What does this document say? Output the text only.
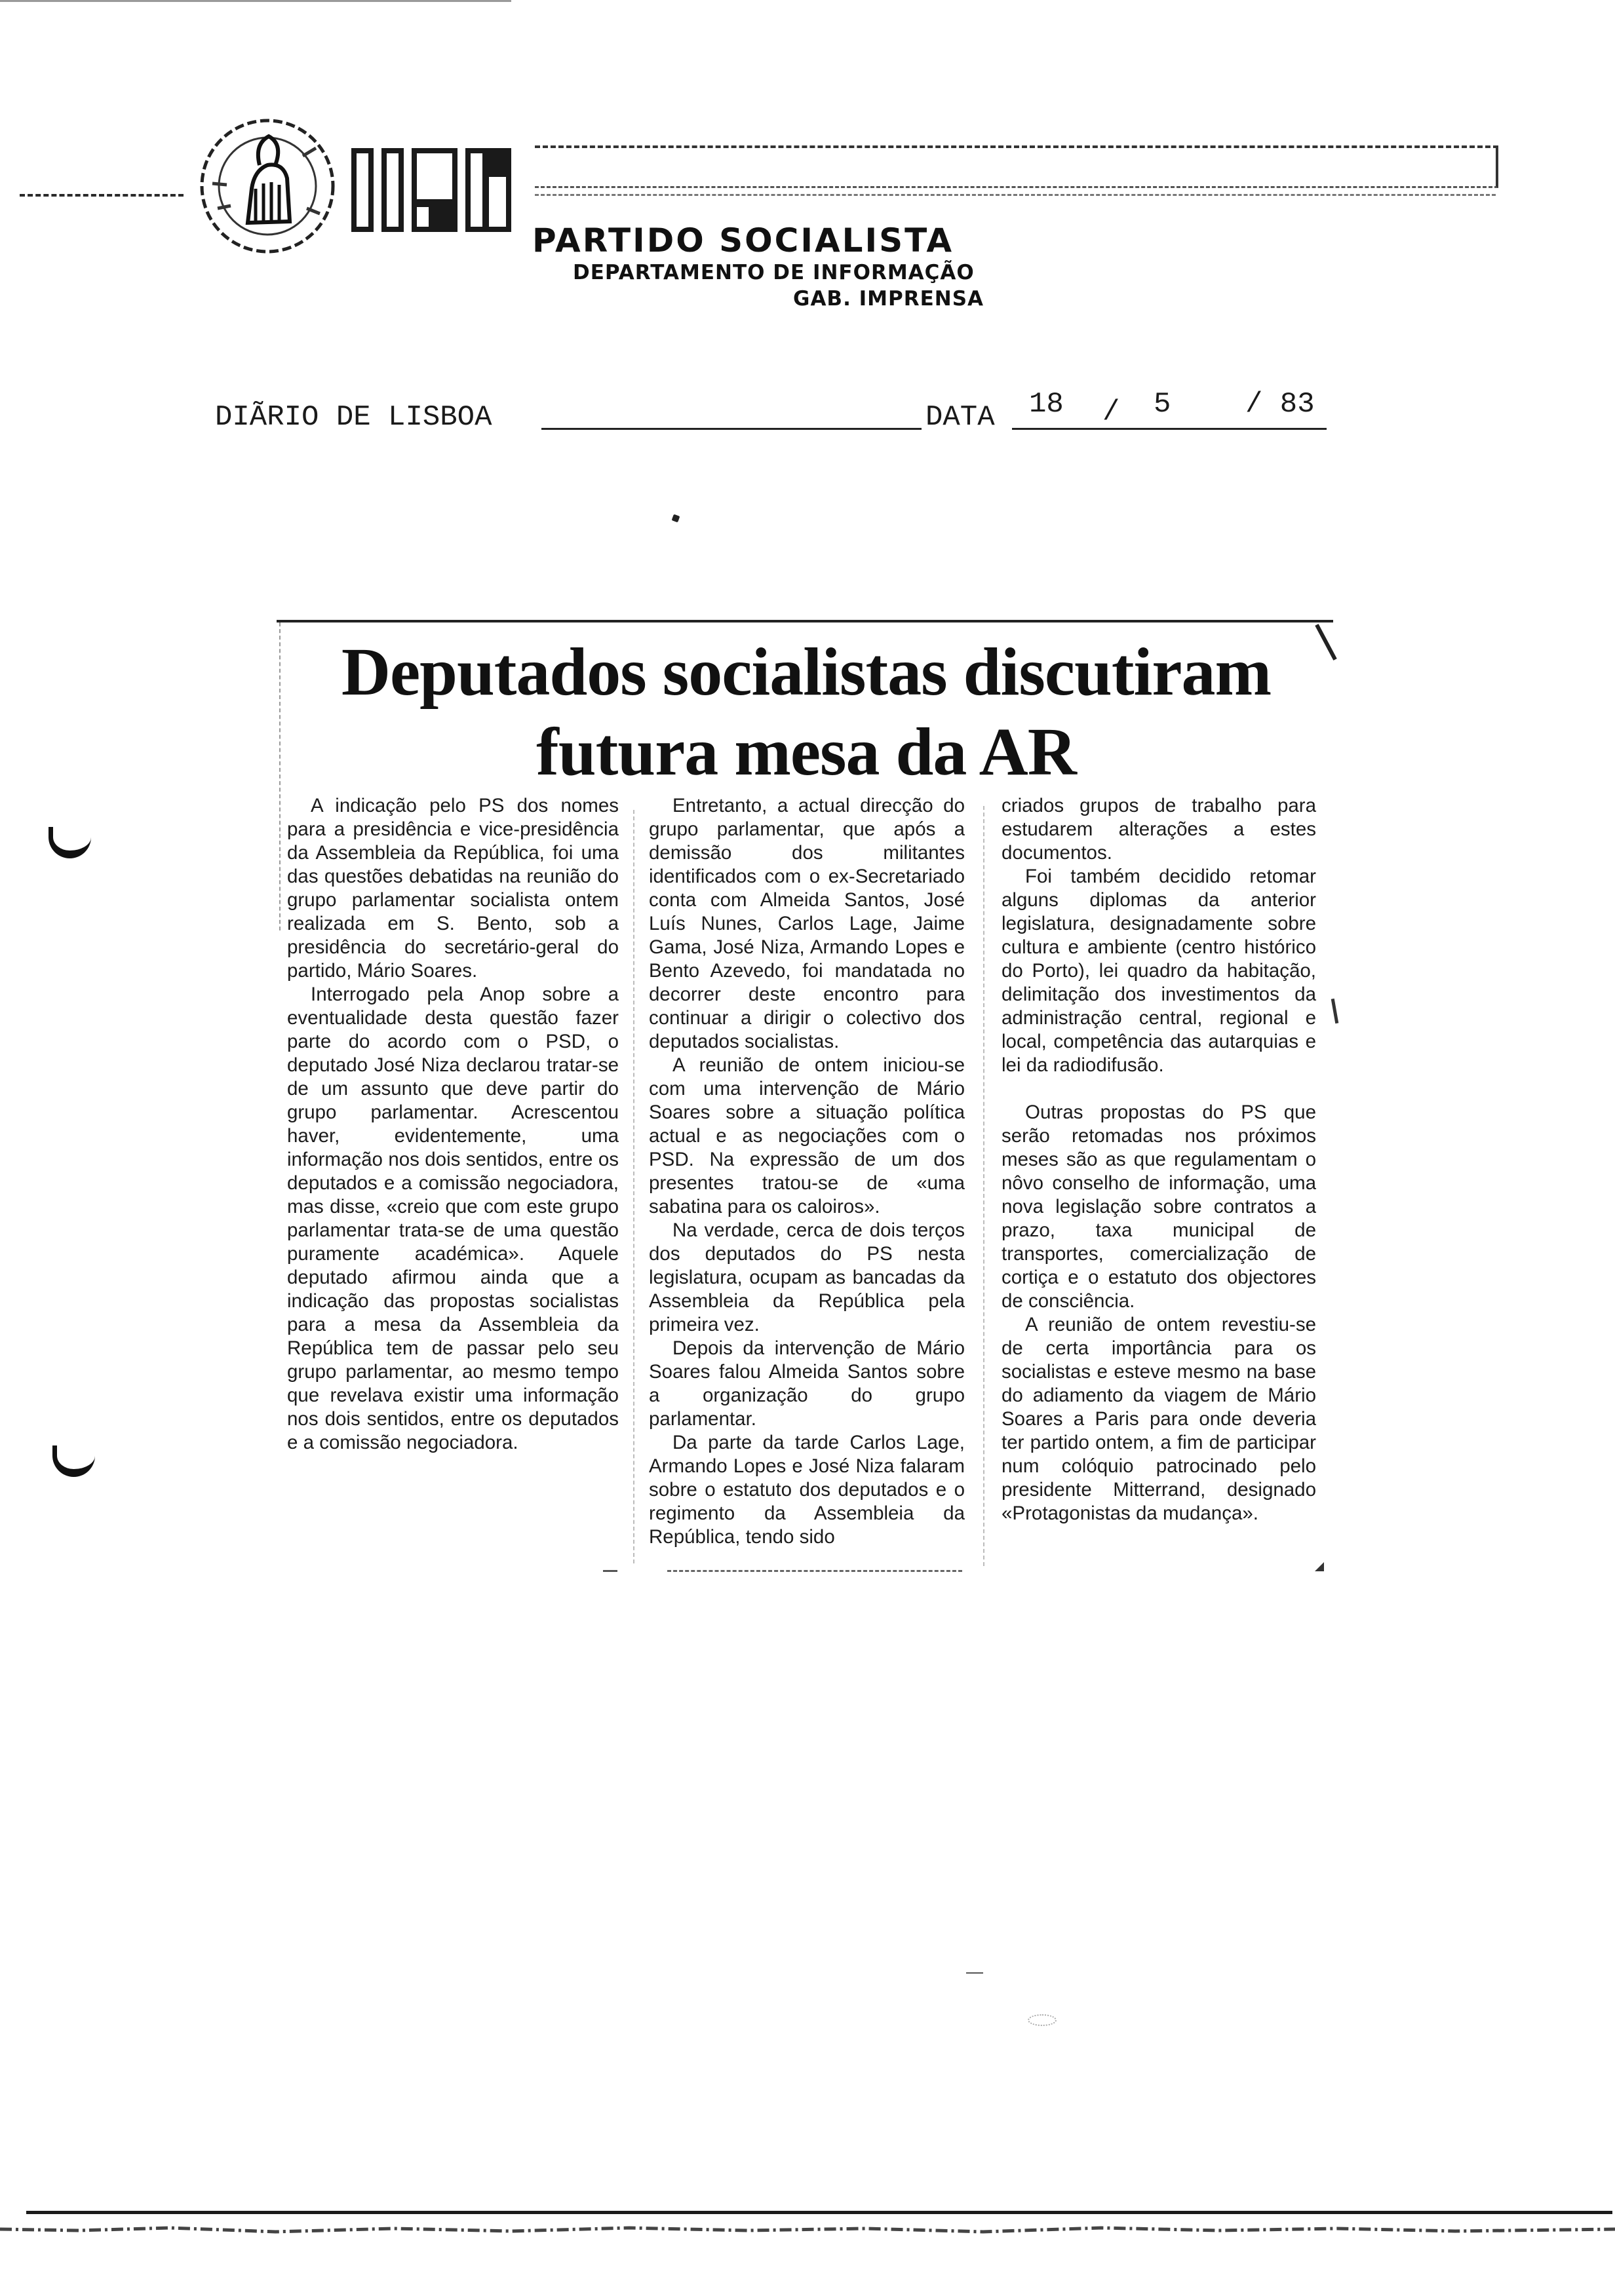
PARTIDO SOCIALISTA
DEPARTAMENTO DE INFORMAÇÃO
GAB. IMPRENSA
DIÃRIO DE LISBOA	DATA 18 / 5	/ 83
Deputados socialistas discutiram
futura mesa da AR

A indicação pelo PS dos nomes para a presidência e vice-presidência da Assembleia da República, foi uma das questões debatidas na reunião do grupo parlamentar socialista ontem realizada em S. Bento, sob a presidência do secretário-geral do partido, Mário Soares.

Interrogado pela Anop sobre a eventualidade desta questão fazer parte do acordo com o PSD, o deputado José Niza declarou tratar-se de um assunto que deve partir do grupo parlamentar. Acrescentou haver, evidentemente, uma informação nos dois sentidos, entre os deputados e a comissão negociadora, mas disse, «creio que com este grupo parlamentar trata-se de uma questão puramente académica». Aquele deputado afirmou ainda que a indicação das propostas socialistas para a mesa da Assembleia da República tem de passar pelo seu grupo parlamentar, ao mesmo tempo que revelava existir uma informação nos dois sentidos, entre os deputados e a comissão negociadora.

Entretanto, a actual direcção do grupo parlamentar, que após a demissão dos militantes identificados com o ex-Secretariado conta com Almeida Santos, José Luís Nunes, Carlos Lage, Jaime Gama, José Niza, Armando Lopes e Bento Azevedo, foi mandatada no decorrer deste encontro para continuar a dirigir o colectivo dos deputados socialistas.

A reunião de ontem iniciou-se com uma intervenção de Mário Soares sobre a situação política actual e as negociações com o PSD. Na expressão de um dos presentes tratou-se de «uma sabatina para os caloiros».

Na verdade, cerca de dois terços dos deputados do PS nesta legislatura, ocupam as bancadas da Assembleia da República pela primeira vez.

Depois da intervenção de Mário Soares falou Almeida Santos sobre a organização do grupo parlamentar.

Da parte da tarde Carlos Lage, Armando Lopes e José Niza falaram sobre o estatuto dos deputados e o regimento da Assembleia da República, tendo sido

criados grupos de trabalho para estudarem alterações a estes documentos.

Foi também decidido retomar alguns diplomas da anterior legislatura, designadamente sobre cultura e ambiente (centro histórico do Porto), lei quadro da habitação, delimitação dos investimentos da administração central, regional e local, competência das autarquias e lei da radiodifusão.

Outras propostas do PS que serão retomadas nos próximos meses são as que regulamentam o nôvo conselho de informação, uma nova legislação sobre contratos a prazo, taxa municipal de transportes, comercialização de cortiça e o estatuto dos objectores de consciência.

A reunião de ontem revestiu-se de certa importância para os socialistas e esteve mesmo na base do adiamento da viagem de Mário Soares a Paris para onde deveria ter partido ontem, a fim de participar num colóquio patrocinado pelo presidente Mitterrand, designado «Protagonistas da mudança».
